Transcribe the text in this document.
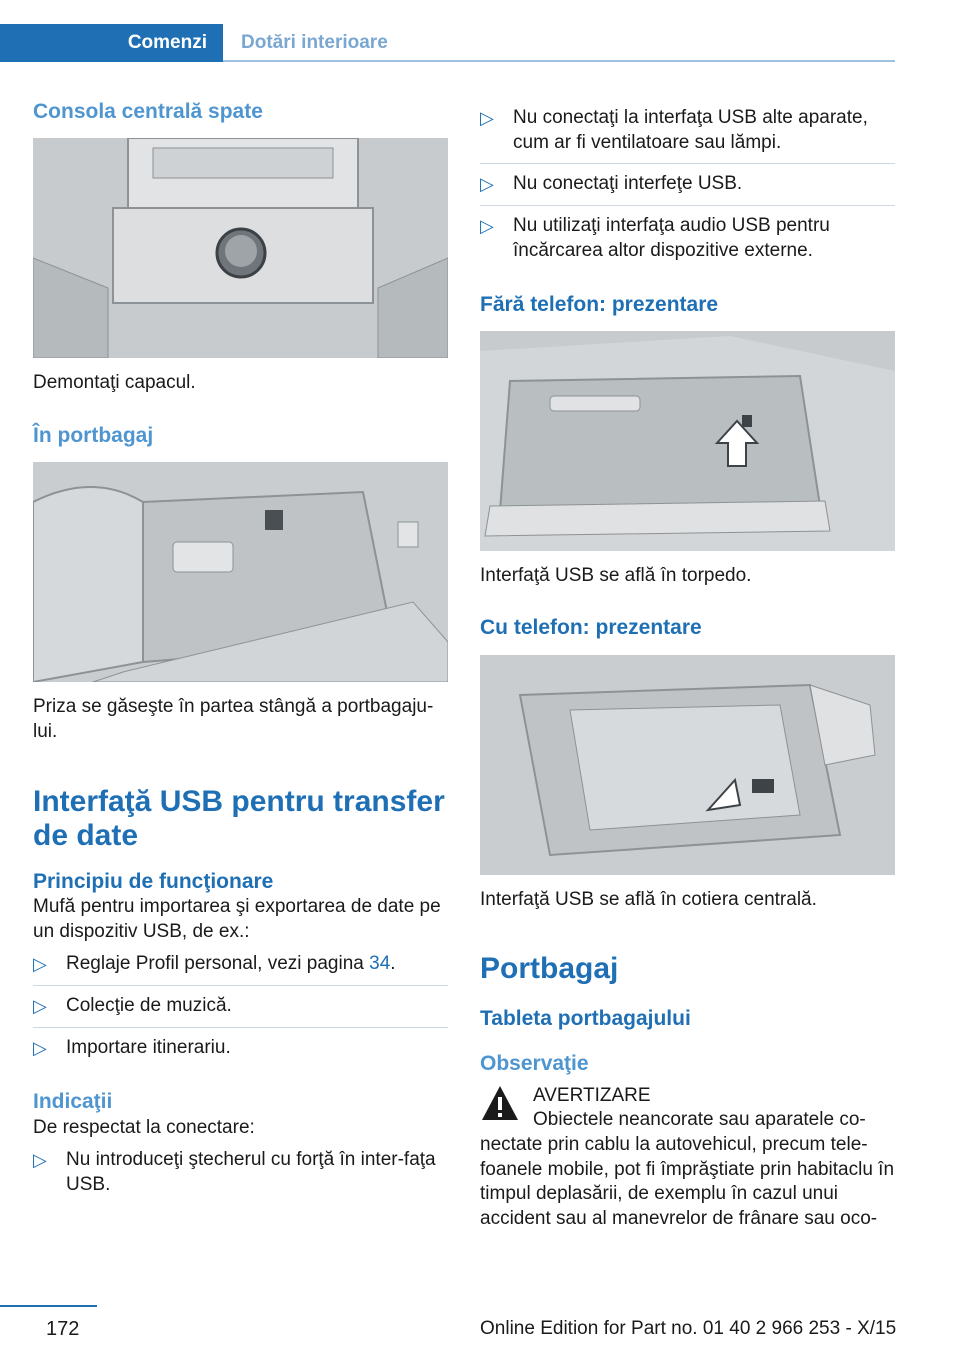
Comenzi	Dotări interioare
Consola centrală spate

Demontaţi capacul.

În portbagaj

Priza se găseşte în partea stângă a portbagaju‐lui.

Interfaţă USB pentru transfer de date
Principiu de funcţionare

Mufă pentru importarea şi exportarea de date pe un dispozitiv USB, de ex.:

▷ Reglaje Profil personal, vezi pagina 34.
▷ Colecţie de muzică.
▷ Importare itinerariu.
Indicaţii

De respectat la conectare:

▷ Nu introduceţi ştecherul cu forţă în inter‐faţa USB.
▷ Nu conectaţi la interfaţa USB alte aparate, cum ar fi ventilatoare sau lămpi.
▷ Nu conectaţi interfeţe USB.
▷ Nu utilizaţi interfaţa audio USB pentru încărcarea altor dispozitive externe.
Fără telefon: prezentare

Interfaţă USB se află în torpedo.

Cu telefon: prezentare

Interfaţă USB se află în cotiera centrală.

Portbagaj
Tableta portbagajului
Observaţie
AVERTIZARE
Obiectele neancorate sau aparatele co‐
nectate prin cablu la autovehicul, precum tele‐foanele mobile, pot fi împrăştiate prin habitaclu în timpul deplasării, de exemplu în cazul unui accident sau al manevrelor de frânare sau oco‐
172	Online Edition for Part no. 01 40 2 966 253 - X/15
